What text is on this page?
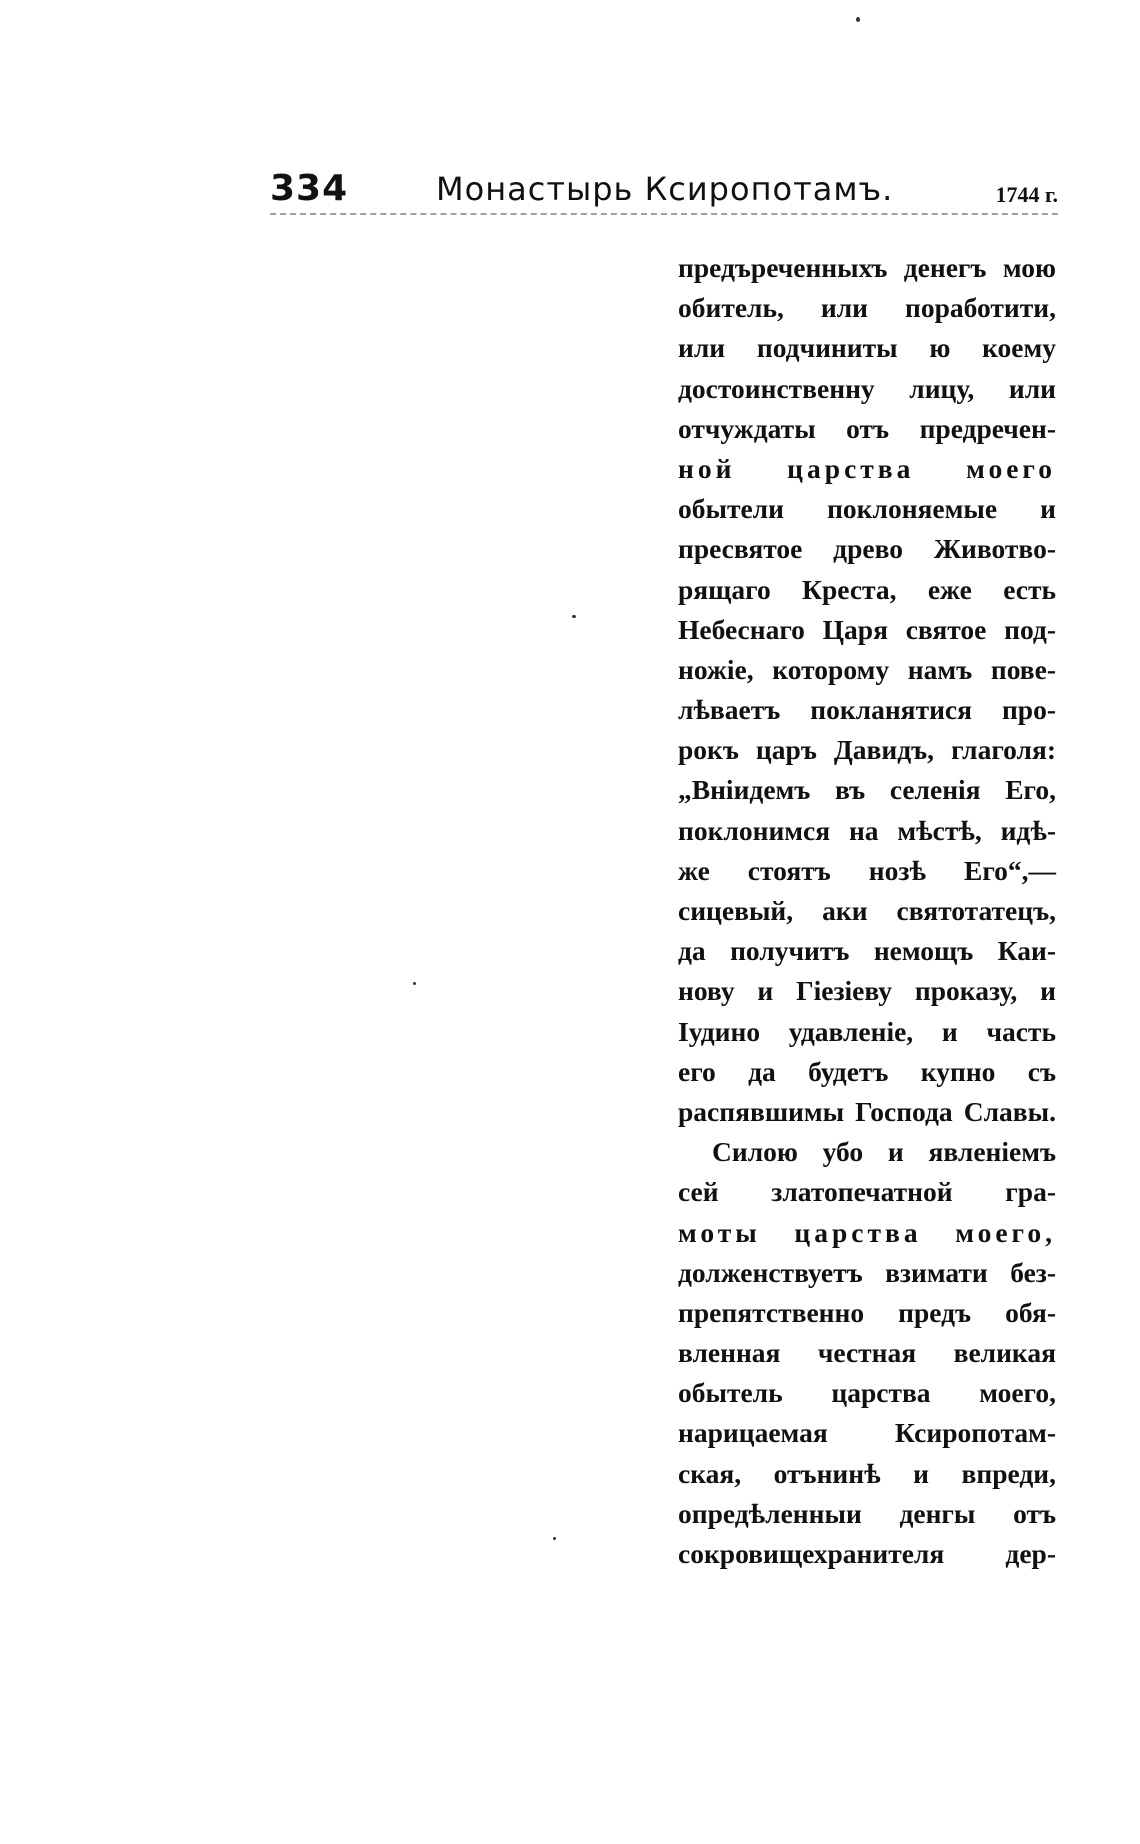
334	Монастырь Ксиропотамъ.	1744 г.
предъреченныхъ денегъ мою
обитель, или поработити,
или подчиниты ю коему
достоинственну лицу, или
отчуждаты отъ предречен-
ной царства моего
обытели поклоняемые и
пресвятое древо Животво-
рящаго Креста, еже есть
Небеснаго Царя святое под-
ножіе, которому намъ пове-
лѣваетъ покланятися про-
рокъ царъ Давидъ, глаголя:
„Вніидемъ въ селенія Его,
поклонимся на мѣстѣ, идѣ-
же стоятъ нозѣ Его“,—
сицевый, аки святотатецъ,
да получитъ немощъ Каи-
нову и Гіезіеву проказу, и
Іудино удавленіе, и часть
его да будетъ купно съ
распявшимы Господа Славы.
Силою убо и явленіемъ
сей златопечатной гра-
моты царства моего,
долженствуетъ взимати без-
препятственно предъ обя-
вленная честная великая
обытель царства моего,
нарицаемая Ксиропотам-
ская, отънинѣ и впреди,
опредѣленныи денгы отъ
сокровищехранителя дер-
